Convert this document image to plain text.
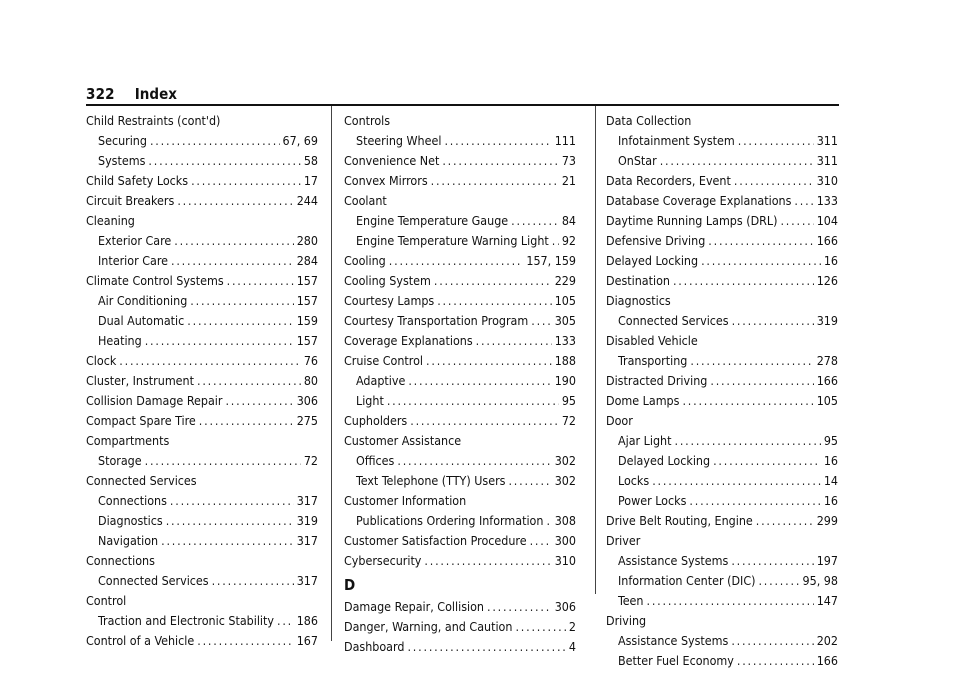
322 Index
Child Restraints (cont'd)
Securing .....	67, 69
Systems .....	58
Child Safety Locks .....	17
Circuit Breakers .....	244
Cleaning
Exterior Care .....	280
Interior Care .....	284
Climate Control Systems .....	157
Air Conditioning .....	157
Dual Automatic .....	159
Heating .....	157
Clock .....	76
Cluster, Instrument .....	80
Collision Damage Repair .....	306
Compact Spare Tire .....	275
Compartments
Storage .....	72
Connected Services
Connections .....	317
Diagnostics .....	319
Navigation .....	317
Connections
Connected Services .....	317
Control
Traction and Electronic Stability ..... 186
Control of a Vehicle .....	167
Controls
Steering Wheel .....	111
Convenience Net .....	73
Convex Mirrors .....	21
Coolant
Engine Temperature Gauge .....	84
Engine Temperature Warning Light ..... 92
Cooling .....	157, 159
Cooling System .....	229
Courtesy Lamps .....	105
Courtesy Transportation Program ..... 305
Coverage Explanations .....	133
Cruise Control .....	188
Adaptive .....	190
Light .....	95
Cupholders .....	72
Customer Assistance
Offices .....	302
Text Telephone (TTY) Users .....	302
Customer Information
Publications Ordering Information ..... 308
Customer Satisfaction Procedure ..... 300
Cybersecurity .....	310
D
Damage Repair, Collision .....	306
Danger, Warning, and Caution .....	2
Dashboard .....	4
Data Collection
Infotainment System .....	311
OnStar .....	311
Data Recorders, Event .....	310
Database Coverage Explanations ..... 133
Daytime Running Lamps (DRL) .....	104
Defensive Driving .....	166
Delayed Locking .....	16
Destination .....	126
Diagnostics
Connected Services .....	319
Disabled Vehicle
Transporting .....	278
Distracted Driving .....	166
Dome Lamps .....	105
Door
Ajar Light .....	95
Delayed Locking .....	16
Locks .....	14
Power Locks .....	16
Drive Belt Routing, Engine .....	299
Driver
Assistance Systems .....	197
Information Center (DIC) .....	95, 98
Teen .....	147
Driving
Assistance Systems .....	202
Better Fuel Economy .....	166
